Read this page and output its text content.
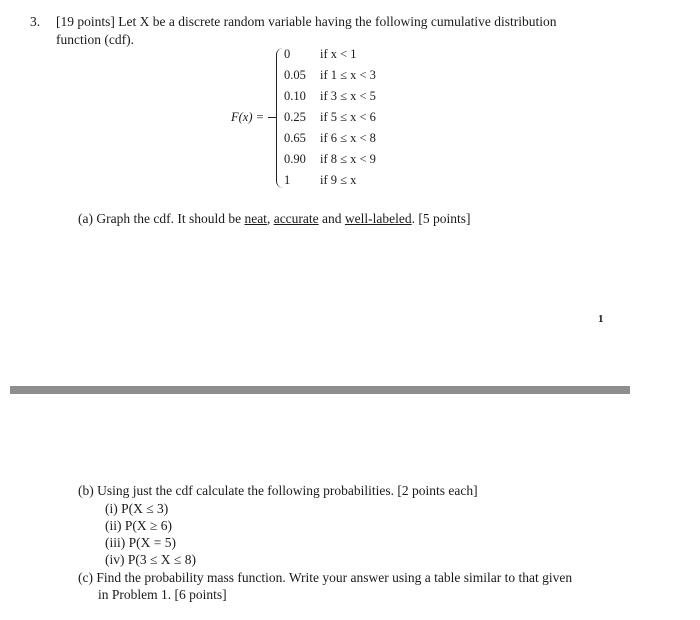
3. [19 points] Let X be a discrete random variable having the following cumulative distribution
function (cdf).
F(x) =
0 if x < 1
0.05 if 1 ≤ x < 3
0.10 if 3 ≤ x < 5
0.25 if 5 ≤ x < 6
0.65 if 6 ≤ x < 8
0.90 if 8 ≤ x < 9
1 if 9 ≤ x
(a) Graph the cdf. It should be neat, accurate and well-labeled. [5 points]
1
(b) Using just the cdf calculate the following probabilities. [2 points each]
(i) P(X ≤ 3)
(ii) P(X ≥ 6)
(iii) P(X = 5)
(iv) P(3 ≤ X ≤ 8)
(c) Find the probability mass function. Write your answer using a table similar to that given
in Problem 1. [6 points]
